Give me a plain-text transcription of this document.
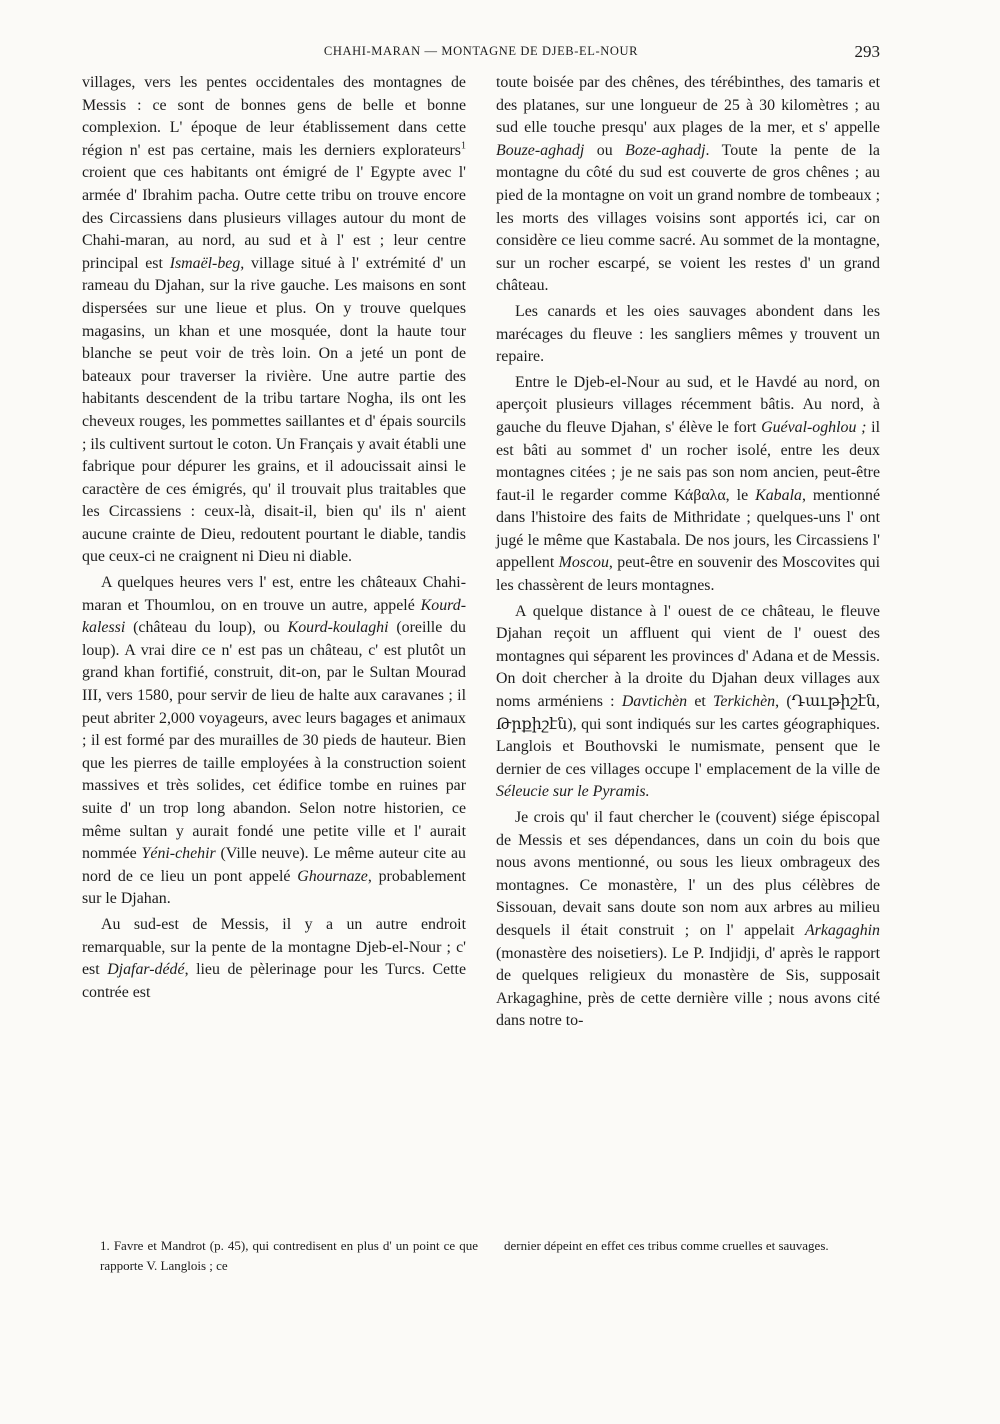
CHAHI-MARAN — MONTAGNE DE DJEB-EL-NOUR	293

villages, vers les pentes occidentales des montagnes de Messis : ce sont de bonnes gens de belle et bonne complexion. L' époque de leur établissement dans cette région n' est pas certaine, mais les derniers explorateurs$^1$ croient que ces habitants ont émigré de l' Egypte avec l' armée d' Ibrahim pacha. Outre cette tribu on trouve encore des Circassiens dans plusieurs villages autour du mont de Chahi-maran, au nord, au sud et à l' est ; leur centre principal est Ismaël-beg, village situé à l' extrémité d' un rameau du Djahan, sur la rive gauche. Les maisons en sont dispersées sur une lieue et plus. On y trouve quelques magasins, un khan et une mosquée, dont la haute tour blanche se peut voir de très loin. On a jeté un pont de bateaux pour traverser la rivière. Une autre partie des habitants descendent de la tribu tartare Nogha, ils ont les cheveux rouges, les pommettes saillantes et d' épais sourcils ; ils cultivent surtout le coton. Un Français y avait établi une fabrique pour dépurer les grains, et il adoucissait ainsi le caractère de ces émigrés, qu' il trouvait plus traitables que les Circassiens : ceux-là, disait-il, bien qu' ils n' aient aucune crainte de Dieu, redoutent pourtant le diable, tandis que ceux-ci ne craignent ni Dieu ni diable.

A quelques heures vers l' est, entre les châteaux Chahi-maran et Thoumlou, on en trouve un autre, appelé Kourd-kalessi (château du loup), ou Kourd-koulaghi (oreille du loup). A vrai dire ce n' est pas un château, c' est plutôt un grand khan fortifié, construit, dit-on, par le Sultan Mourad III, vers 1580, pour servir de lieu de halte aux caravanes ; il peut abriter 2,000 voyageurs, avec leurs bagages et animaux ; il est formé par des murailles de 30 pieds de hauteur. Bien que les pierres de taille employées à la construction soient massives et très solides, cet édifice tombe en ruines par suite d' un trop long abandon. Selon notre historien, ce même sultan y aurait fondé une petite ville et l' aurait nommée Yéni-chehir (Ville neuve). Le même auteur cite au nord de ce lieu un pont appelé Ghournaze, probablement sur le Djahan.

Au sud-est de Messis, il y a un autre endroit remarquable, sur la pente de la montagne Djeb-el-Nour ; c' est Djafar-dédé, lieu de pèlerinage pour les Turcs. Cette contrée est

toute boisée par des chênes, des térébinthes, des tamaris et des platanes, sur une longueur de 25 à 30 kilomètres ; au sud elle touche presqu' aux plages de la mer, et s' appelle Bouze-aghadj ou Boze-aghadj. Toute la pente de la montagne du côté du sud est couverte de gros chênes ; au pied de la montagne on voit un grand nombre de tombeaux ; les morts des villages voisins sont apportés ici, car on considère ce lieu comme sacré. Au sommet de la montagne, sur un rocher escarpé, se voient les restes d' un grand château.

Les canards et les oies sauvages abondent dans les marécages du fleuve : les sangliers mêmes y trouvent un repaire.

Entre le Djeb-el-Nour au sud, et le Havdé au nord, on aperçoit plusieurs villages récemment bâtis. Au nord, à gauche du fleuve Djahan, s' élève le fort Guéval-oghlou ; il est bâti au sommet d' un rocher isolé, entre les deux montagnes citées ; je ne sais pas son nom ancien, peut-être faut-il le regarder comme Κάβαλα, le Kabala, mentionné dans l'histoire des faits de Mithridate ; quelques-uns l' ont jugé le même que Kastabala. De nos jours, les Circassiens l' appellent Moscou, peut-être en souvenir des Moscovites qui les chassèrent de leurs montagnes.

A quelque distance à l' ouest de ce château, le fleuve Djahan reçoit un affluent qui vient de l' ouest des montagnes qui séparent les provinces d' Adana et de Messis. On doit chercher à la droite du Djahan deux villages aux noms arméniens : Davtichèn et Terkichèn, (Դաւթիշէն, Թրքիշէն), qui sont indiqués sur les cartes géographiques. Langlois et Bouthovski le numismate, pensent que le dernier de ces villages occupe l' emplacement de la ville de Séleucie sur le Pyramis.

Je crois qu' il faut chercher le (couvent) siége épiscopal de Messis et ses dépendances, dans un coin du bois que nous avons mentionné, ou sous les lieux ombrageux des montagnes. Ce monastère, l' un des plus célèbres de Sissouan, devait sans doute son nom aux arbres au milieu desquels il était construit ; on l' appelait Arkagaghin (monastère des noisetiers). Le P. Indjidji, d' après le rapport de quelques religieux du monastère de Sis, supposait Arkagaghine, près de cette dernière ville ; nous avons cité dans notre to-

1. Favre et Mandrot (p. 45), qui contredisent en plus d' un point ce que rapporte V. Langlois ; ce

dernier dépeint en effet ces tribus comme cruelles et sauvages.
